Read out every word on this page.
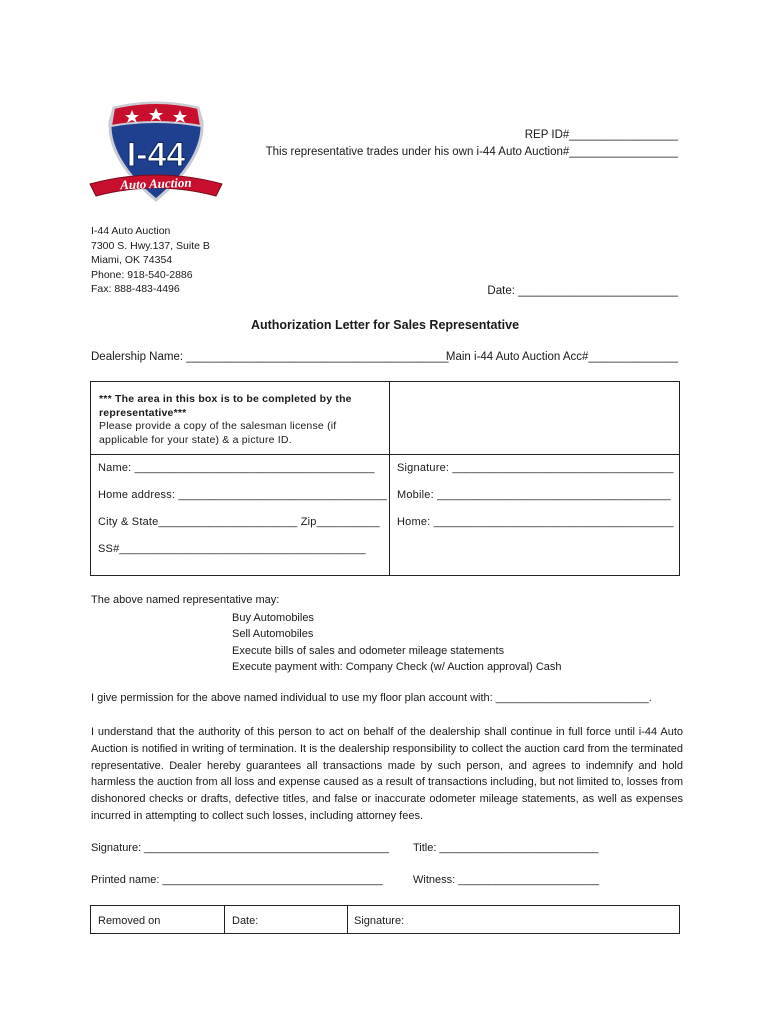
I-44
Auto Auction
REP ID#_________________
This representative trades under his own i-44 Auto Auction#_________________
I-44 Auto Auction
7300 S. Hwy.137, Suite B
Miami, OK 74354
Phone: 918-540-2886
Fax: 888-483-4496	Date: _________________________
Authorization Letter for Sales Representative
Dealership Name: _________________________________________
Main i-44 Auto Auction Acc#______________
*** The area in this box is to be completed by the
representative***
Please provide a copy of the salesman license (if
applicable for your state) & a picture ID.
Name: ______________________________________ Signature: ___________________________________
Home address: _________________________________ Mobile: _____________________________________
City & State______________________ Zip__________ Home: ______________________________________
SS#_______________________________________
The above named representative may:
Buy Automobiles
Sell Automobiles
Execute bills of sales and odometer mileage statements
Execute payment with: Company Check (w/ Auction approval) Cash
I give permission for the above named individual to use my floor plan account with: _________________________.
I understand that the authority of this person to act on behalf of the dealership shall continue in full force until i-44 Auto Auction is notified in writing of termination. It is the dealership responsibility to collect the auction card from the terminated representative. Dealer hereby guarantees all transactions made by such person, and agrees to indemnify and hold harmless the auction from all loss and expense caused as a result of transactions including, but not limited to, losses from dishonored checks or drafts, defective titles, and false or inaccurate odometer mileage statements, as well as expenses incurred in attempting to collect such losses, including attorney fees.
Signature: ________________________________________ Title: __________________________
Printed name: ____________________________________	Witness: _______________________
Removed on	Date:	Signature:
